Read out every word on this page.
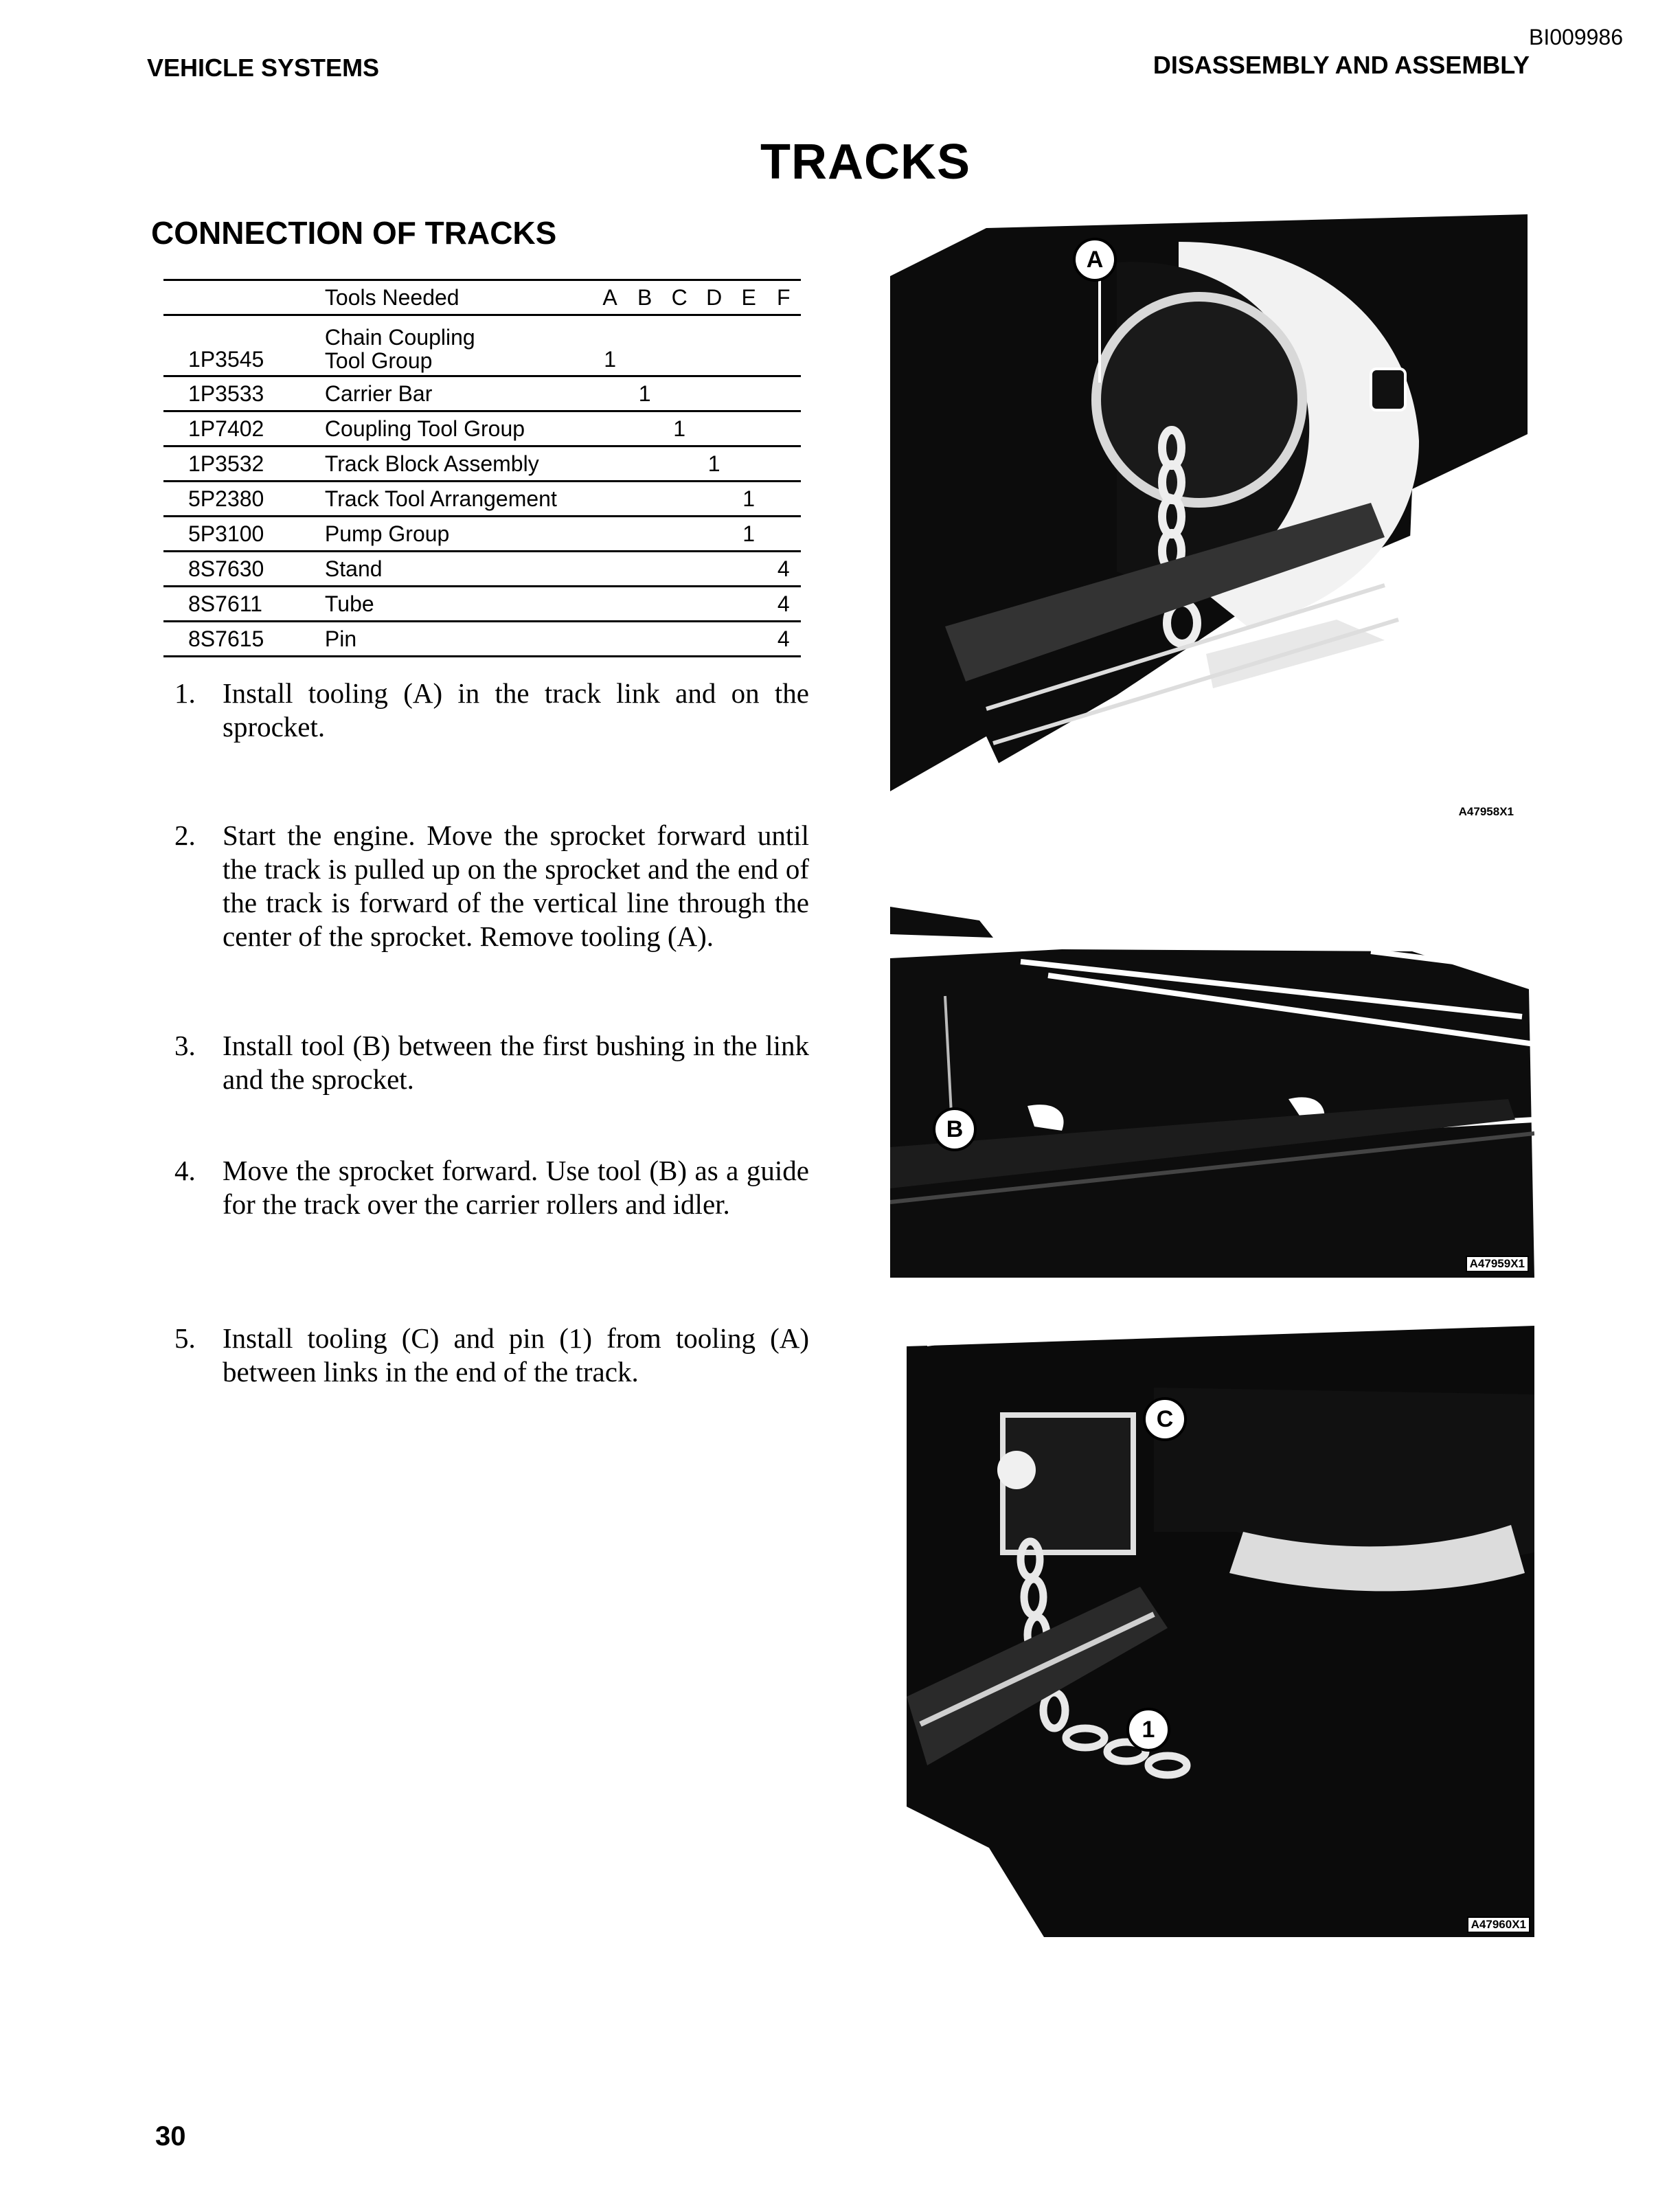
BI009986
VEHICLE SYSTEMS	DISASSEMBLY AND ASSEMBLY
TRACKS
CONNECTION OF TRACKS
	Tools Needed	A	B	C	D	E	F
1P3545	Chain Coupling
Tool Group	1					
1P3533	Carrier Bar		1				
1P7402	Coupling Tool Group			1			
1P3532	Track Block Assembly				1		
5P2380	Track Tool Arrangement					1	
5P3100	Pump Group					1	
8S7630	Stand						4
8S7611	Tube						4
8S7615	Pin						4
1. Install tooling (A) in the track link and on the sprocket.
2. Start the engine. Move the sprocket forward until the track is pulled up on the sprocket and the end of the track is forward of the vertical line through the center of the sprocket. Remove tooling (A).
3. Install tool (B) between the first bushing in the link and the sprocket.
4. Move the sprocket forward. Use tool (B) as a guide for the track over the carrier rollers and idler.
5. Install tooling (C) and pin (1) from tooling (A) between links in the end of the track.
A
A47958X1
B
A47959X1
C
1
A47960X1
30
